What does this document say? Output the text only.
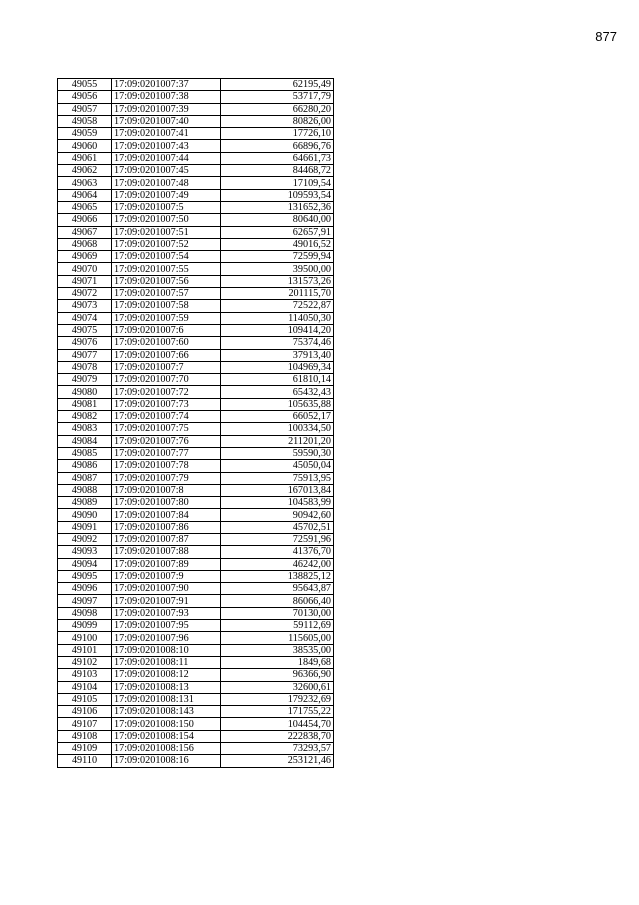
877
49055	17:09:0201007:37	62195,49
49056	17:09:0201007:38	53717,79
49057	17:09:0201007:39	66280,20
49058	17:09:0201007:40	80826,00
49059	17:09:0201007:41	17726,10
49060	17:09:0201007:43	66896,76
49061	17:09:0201007:44	64661,73
49062	17:09:0201007:45	84468,72
49063	17:09:0201007:48	17109,54
49064	17:09:0201007:49	109593,54
49065	17:09:0201007:5	131652,36
49066	17:09:0201007:50	80640,00
49067	17:09:0201007:51	62657,91
49068	17:09:0201007:52	49016,52
49069	17:09:0201007:54	72599,94
49070	17:09:0201007:55	39500,00
49071	17:09:0201007:56	131573,26
49072	17:09:0201007:57	201115,70
49073	17:09:0201007:58	72522,87
49074	17:09:0201007:59	114050,30
49075	17:09:0201007:6	109414,20
49076	17:09:0201007:60	75374,46
49077	17:09:0201007:66	37913,40
49078	17:09:0201007:7	104969,34
49079	17:09:0201007:70	61810,14
49080	17:09:0201007:72	65432,43
49081	17:09:0201007:73	105635,88
49082	17:09:0201007:74	66052,17
49083	17:09:0201007:75	100334,50
49084	17:09:0201007:76	211201,20
49085	17:09:0201007:77	59590,30
49086	17:09:0201007:78	45050,04
49087	17:09:0201007:79	75913,95
49088	17:09:0201007:8	167013,84
49089	17:09:0201007:80	104583,99
49090	17:09:0201007:84	90942,60
49091	17:09:0201007:86	45702,51
49092	17:09:0201007:87	72591,96
49093	17:09:0201007:88	41376,70
49094	17:09:0201007:89	46242,00
49095	17:09:0201007:9	138825,12
49096	17:09:0201007:90	95643,87
49097	17:09:0201007:91	86066,40
49098	17:09:0201007:93	70130,00
49099	17:09:0201007:95	59112,69
49100	17:09:0201007:96	115605,00
49101	17:09:0201008:10	38535,00
49102	17:09:0201008:11	1849,68
49103	17:09:0201008:12	96366,90
49104	17:09:0201008:13	32600,61
49105	17:09:0201008:131	179232,69
49106	17:09:0201008:143	171755,22
49107	17:09:0201008:150	104454,70
49108	17:09:0201008:154	222838,70
49109	17:09:0201008:156	73293,57
49110	17:09:0201008:16	253121,46
